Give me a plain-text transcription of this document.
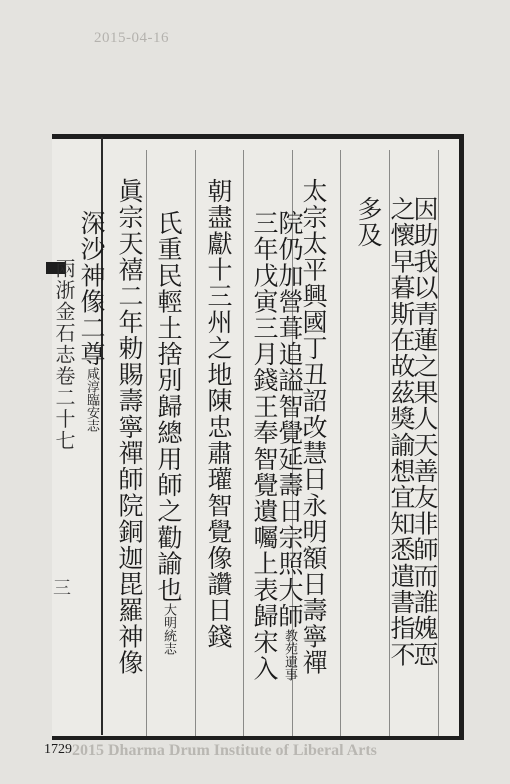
2015-04-16
因助我以青蓮之果人天善友非師而誰媿恧
之懷早暮斯在故茲獎諭想宜知悉遣書指不
多及
太宗太平興國丁丑詔改慧日永明額日壽寧禪
院仍加營葺追謚智覺延壽日宗照大師教苑遺事
三年戊寅三月錢王奉智覺遺囑上表歸宋入
朝盡獻十三州之地陳忠肅瓘智覺像讚日錢
氏重民輕土捨別歸總用師之勸諭也大明統志
眞宗天禧二年勅賜壽寧禪師院銅迦毘羅神像
深沙神像二尊咸淳臨安志
兩浙金石志卷二十七
三
1729 2015 Dharma Drum Institute of Liberal Arts
